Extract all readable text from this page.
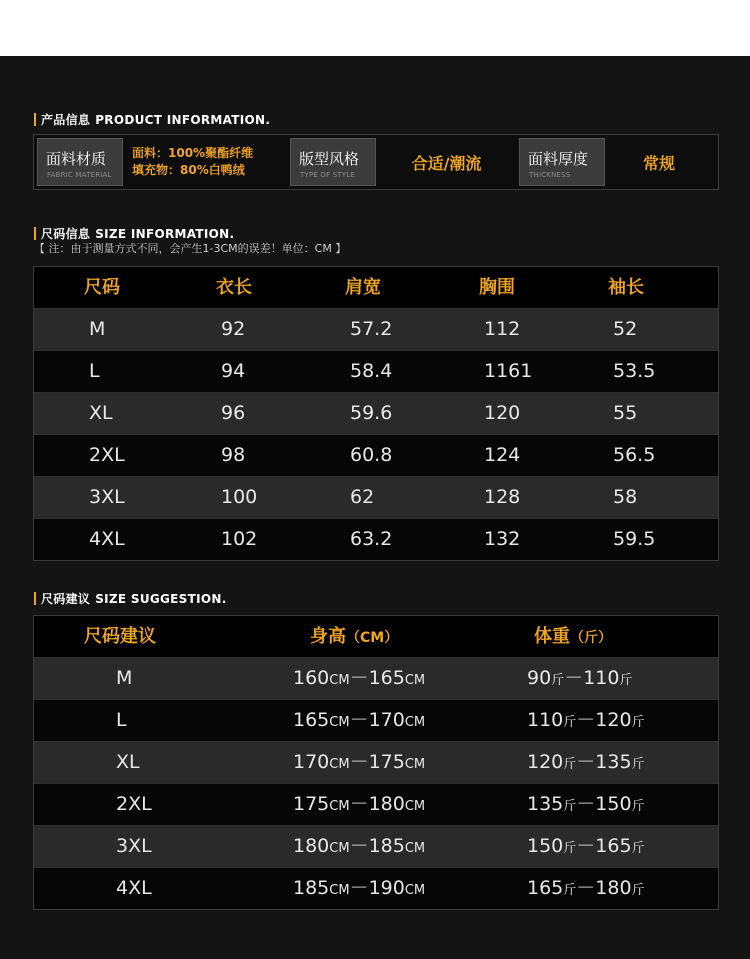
产品信息 PRODUCT INFORMATION.
面料材质
FABRIC MATERIAL
面料：100%聚酯纤维
填充物：80%白鸭绒
版型风格
TYPE OF STYLE
合适/潮流	面料厚度
THICKNESS
常规
尺码信息 SIZE INFORMATION.
【 注：由于测量方式不同，会产生1-3CM的误差！单位：CM 】
尺码	衣长	肩宽	胸围	袖长
M	92	57.2	112	52
L	94	58.4	1161	53.5
XL	96	59.6	120	55
2XL	98	60.8	124	56.5
3XL	100	62	128	58
4XL	102	63.2	132	59.5
尺码建议 SIZE SUGGESTION.
尺码建议	身高（CM）	体重（斤）
M	160CM－165CM	90斤－110斤
L	165CM－170CM	110斤－120斤
XL	170CM－175CM	120斤－135斤
2XL	175CM－180CM	135斤－150斤
3XL	180CM－185CM	150斤－165斤
4XL	185CM－190CM	165斤－180斤
